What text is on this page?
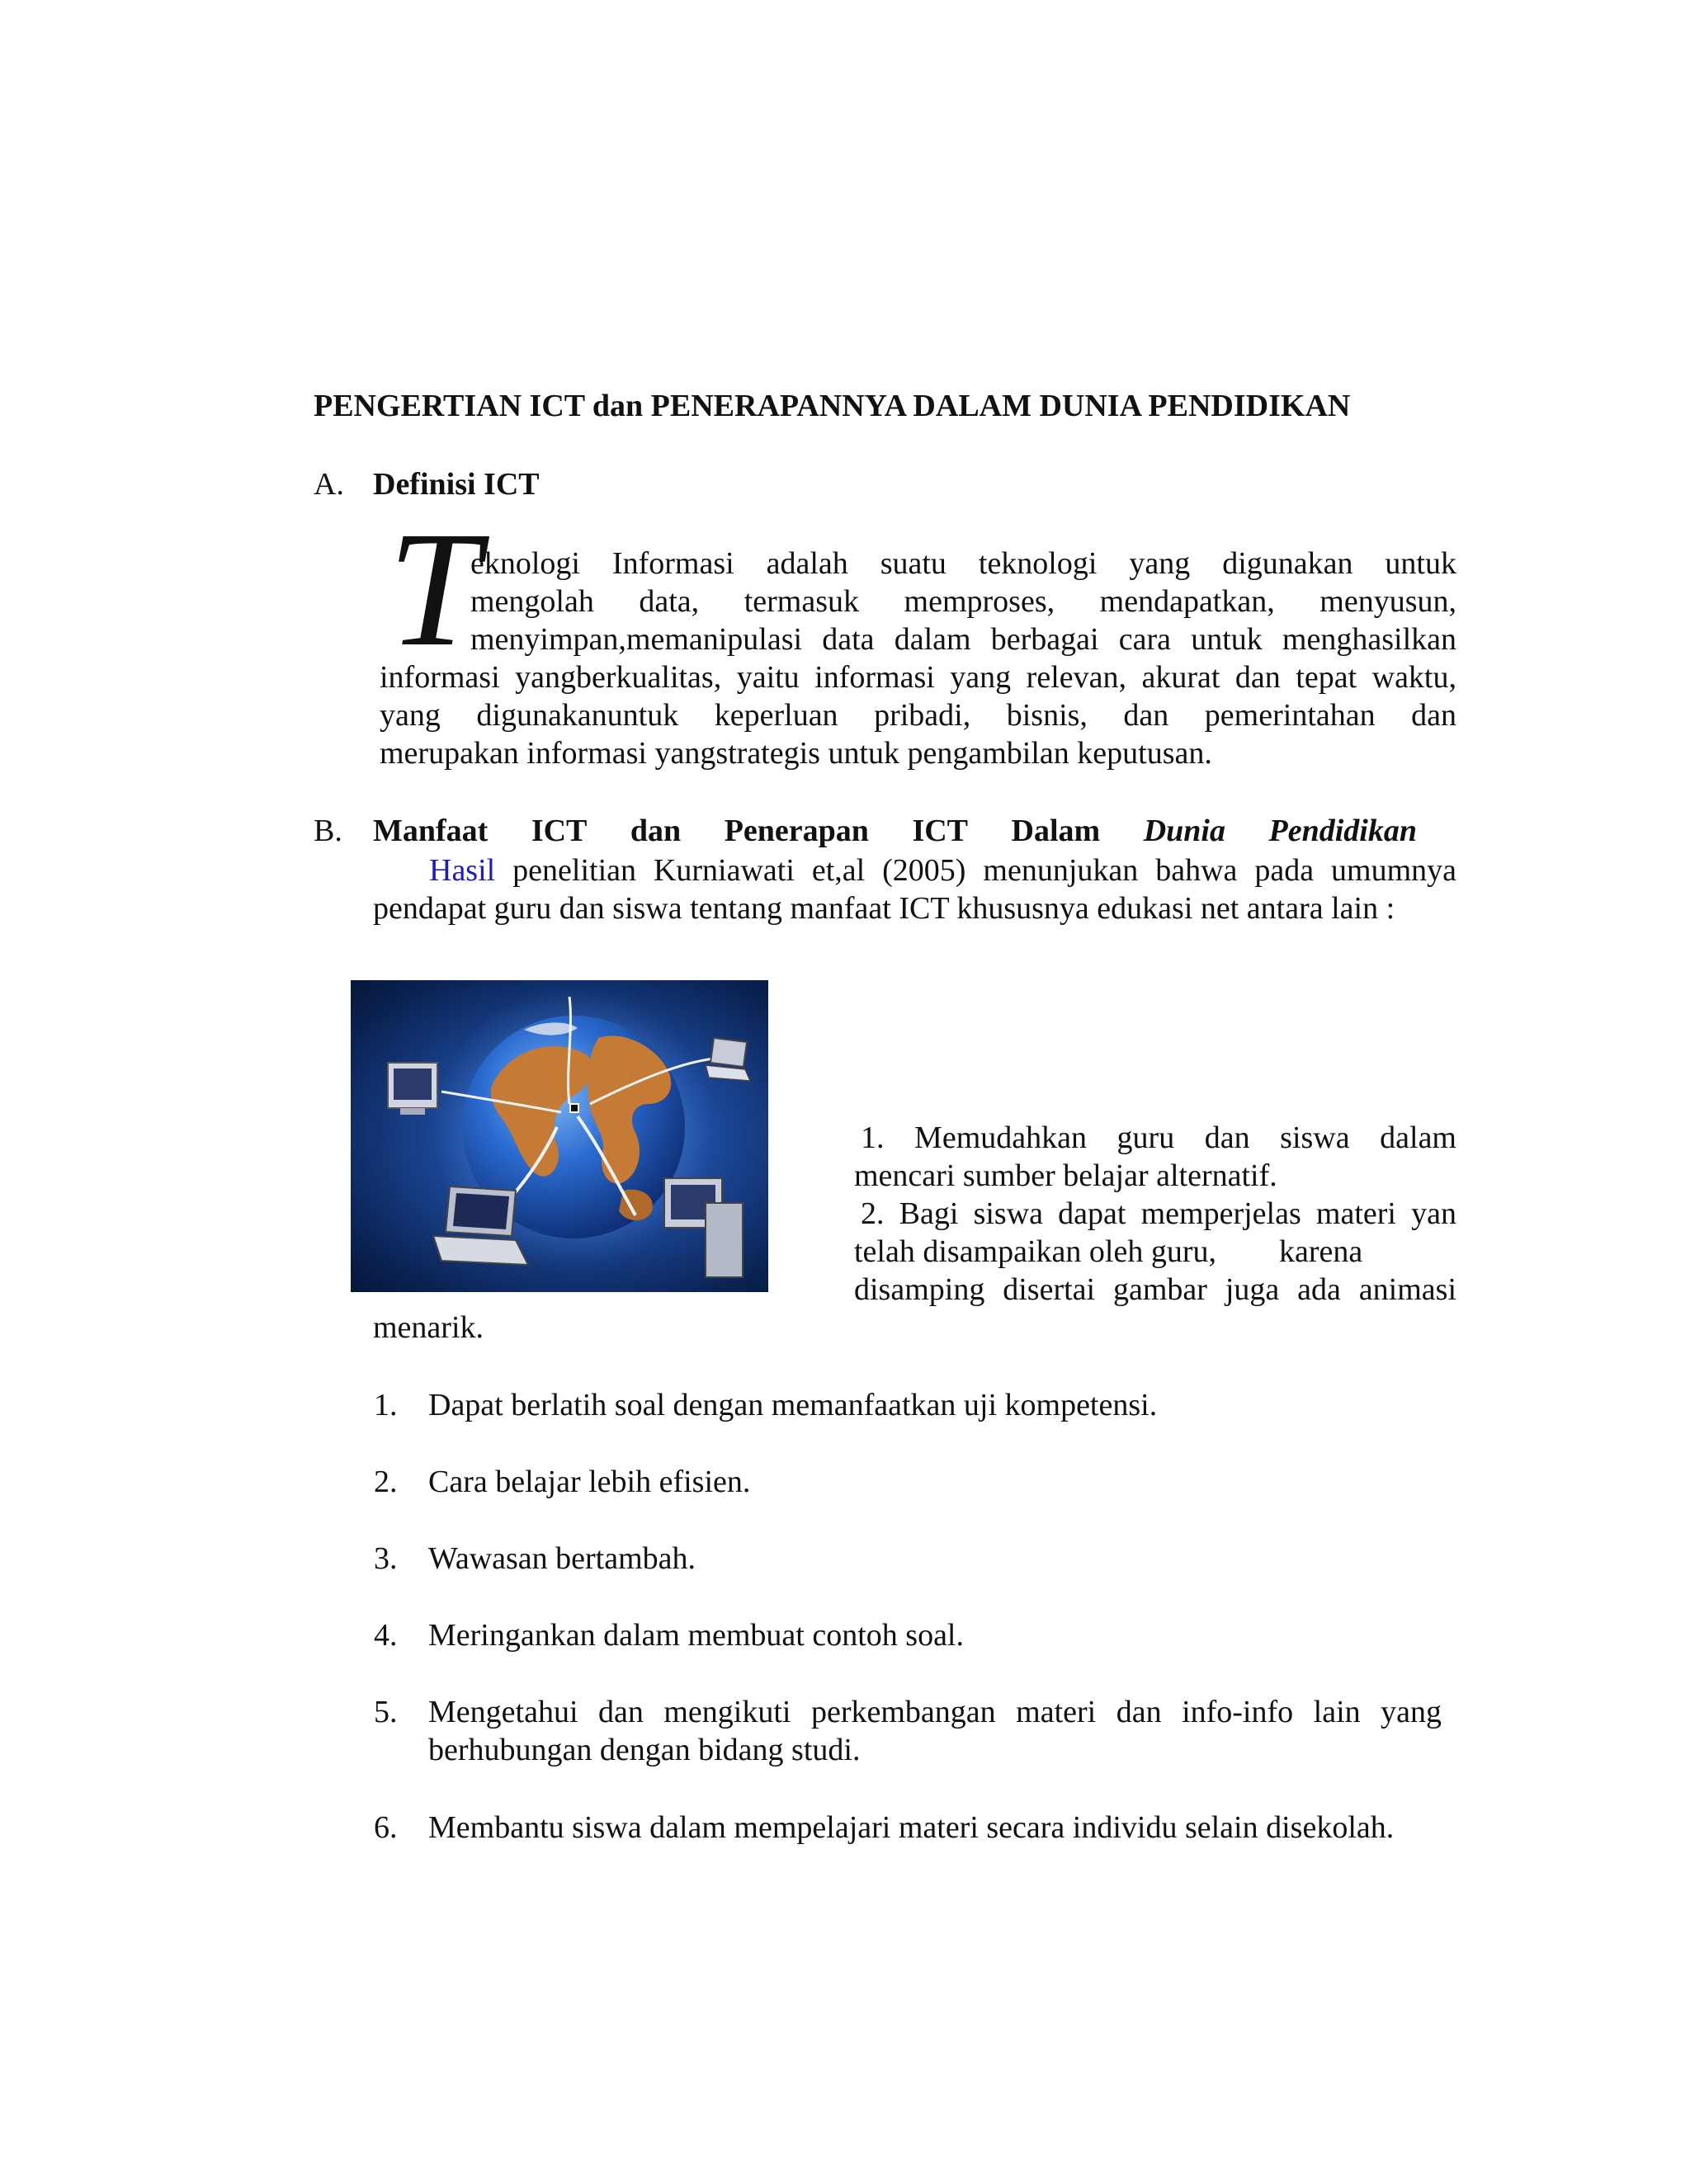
PENGERTIAN ICT dan PENERAPANNYA DALAM DUNIA PENDIDIKAN
A. Definisi ICT
T
eknologi Informasi adalah suatu teknologi yang digunakan untuk
mengolah data, termasuk memproses, mendapatkan, menyusun,
menyimpan,memanipulasi data dalam berbagai cara untuk menghasilkan
informasi yangberkualitas, yaitu informasi yang relevan, akurat dan tepat waktu,
yang digunakanuntuk keperluan pribadi, bisnis, dan pemerintahan dan
merupakan informasi yangstrategis untuk pengambilan keputusan.
B. Manfaat ICT dan Penerapan ICT Dalam Dunia Pendidikan
Hasil penelitian Kurniawati et,al (2005) menunjukan bahwa pada umumnya
pendapat guru dan siswa tentang manfaat ICT khususnya edukasi net antara lain :
1. Memudahkan guru dan siswa dalam
mencari sumber belajar alternatif.
2. Bagi siswa dapat memperjelas materi yan
telah disampaikan oleh guru,        karena
disamping disertai gambar juga ada animasi
menarik.
1. Dapat berlatih soal dengan memanfaatkan uji kompetensi.
2. Cara belajar lebih efisien.
3. Wawasan bertambah.
4. Meringankan dalam membuat contoh soal.
5. Mengetahui dan mengikuti perkembangan materi dan info-info lain yang
berhubungan dengan bidang studi.
6. Membantu siswa dalam mempelajari materi secara individu selain disekolah.
